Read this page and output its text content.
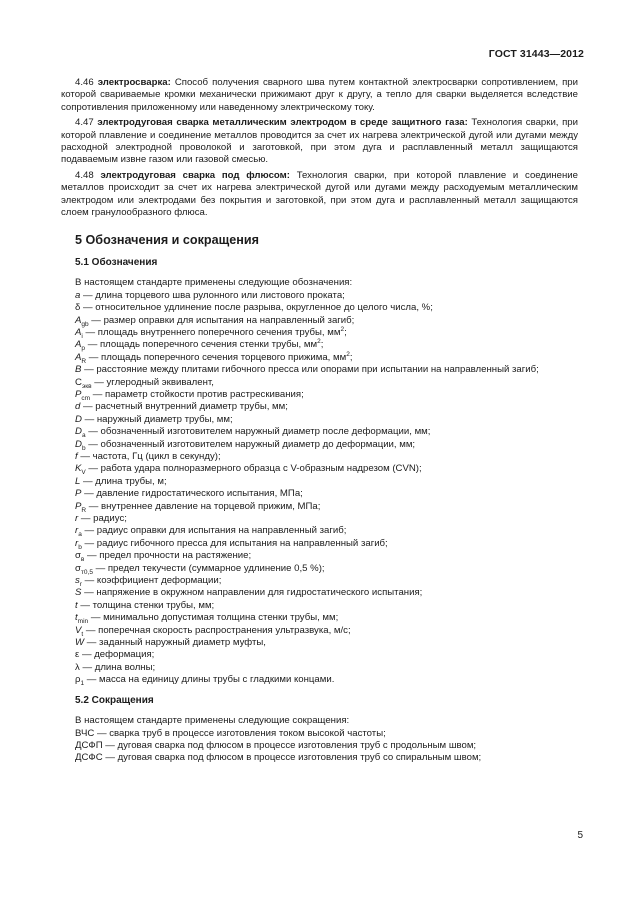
ГОСТ 31443—2012

4.46 электросварка: Способ получения сварного шва путем контактной электросварки сопротивлением, при которой свариваемые кромки механически прижимают друг к другу, а тепло для сварки выделяется вследствие сопротивления приложенному или наведенному электрическому току.

4.47 электродуговая сварка металлическим электродом в среде защитного газа: Технология сварки, при которой плавление и соединение металлов проводится за счет их нагрева электрической дугой или дугами между расходной электродной проволокой и заготовкой, при этом дуга и расплавленный металл защищаются подаваемым извне газом или газовой смесью.

4.48 электродуговая сварка под флюсом: Технология сварки, при которой плавление и соединение металлов происходит за счет их нагрева электрической дугой или дугами между расходуемым металлическим электродом или электродами без покрытия и заготовкой, при этом дуга и расплавленный металл защищаются слоем гранулообразного флюса.

5 Обозначения и сокращения
5.1 Обозначения

В настоящем стандарте применены следующие обозначения:

a — длина торцевого шва рулонного или листового проката;

δ — относительное удлинение после разрыва, округленное до целого числа, %;

$A_{gb}$ — размер оправки для испытания на направленный загиб;

$A_i$ — площадь внутреннего поперечного сечения трубы, $мм^2$;

$A_p$ — площадь поперечного сечения стенки трубы, $мм^2$;

$A_R$ — площадь поперечного сечения торцевого прижима, $мм^2$;

B — расстояние между плитами гибочного пресса или опорами при испытании на направленный загиб;

$C_{экв}$ — углеродный эквивалент,

$P_{cm}$ — параметр стойкости против растрескивания;

d — расчетный внутренний диаметр трубы, мм;

D — наружный диаметр трубы, мм;

$D_a$ — обозначенный изготовителем наружный диаметр после деформации, мм;

$D_b$ — обозначенный изготовителем наружный диаметр до деформации, мм;

f — частота, Гц (цикл в секунду);

$K_V$ — работа удара полноразмерного образца с V-образным надрезом (CVN);

L — длина трубы, м;

P — давление гидростатического испытания, МПа;

$P_R$ — внутреннее давление на торцевой прижим, МПа;

r — радиус;

$r_a$ — радиус оправки для испытания на направленный загиб;

$r_b$ — радиус гибочного пресса для испытания на направленный загиб;

$\sigma_в$ — предел прочности на растяжение;

$\sigma_{т0,5}$ — предел текучести (суммарное удлинение 0,5 %);

$s_r$ — коэффициент деформации;

S — напряжение в окружном направлении для гидростатического испытания;

t — толщина стенки трубы, мм;

$t_{min}$ — минимально допустимая толщина стенки трубы, мм;

$V_t$ — поперечная скорость распространения ультразвука, м/с;

W — заданный наружный диаметр муфты,

ε — деформация;

λ — длина волны;

$\rho_1$ — масса на единицу длины трубы с гладкими концами.

5.2 Сокращения

В настоящем стандарте применены следующие сокращения:

ВЧС — сварка труб в процессе изготовления током высокой частоты;

ДСФП — дуговая сварка под флюсом в процессе изготовления труб с продольным швом;

ДСФС — дуговая сварка под флюсом в процессе изготовления труб со спиральным швом;

5
